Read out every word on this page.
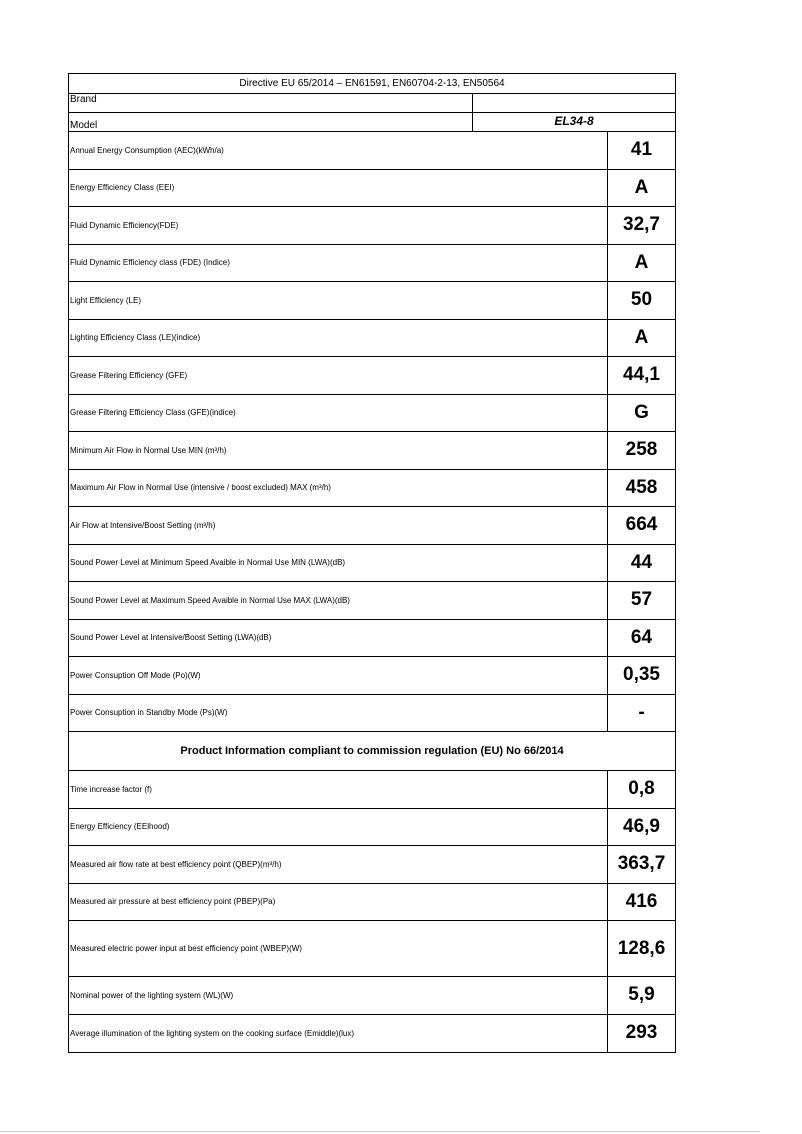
Directive EU 65/2014 – EN61591, EN60704-2-13, EN50564
Brand
Model	EL34-8
Annual Energy Consumption (AEC)(kWh/a)	41
Energy Efficiency Class (EEI)	A
Fluid Dynamic Efficiency(FDE)	32,7
Fluid Dynamic Efficiency class (FDE) (Indice)	A
Light Efficiency (LE)	50
Lighting Efficiency Class (LE)(indice)	A
Grease Filtering Efficiency (GFE)	44,1
Grease Filtering Efficiency Class (GFE)(indice)	G
Minimum Air Flow in Normal Use MIN (m³/h)	258
Maximum Air Flow in Normal Use (intensive / boost excluded) MAX (m³/h)	458
Air Flow at Intensive/Boost Setting (m³/h)	664
Sound Power Level at Minimum Speed Avaible in Normal Use MIN (LWA)(dB)	44
Sound Power Level at Maximum Speed Avaible in Normal Use MAX (LWA)(dB)	57
Sound Power Level at Intensive/Boost Setting (LWA)(dB)	64
Power Consuption Off Mode (Po)(W)	0,35
Power Consuption in Standby Mode (Ps)(W)	-
Product Information compliant to commission regulation (EU) No 66/2014
Time increase factor (f)	0,8
Energy Efficiency (EElhood)	46,9
Measured air flow rate at best efficiency point (QBEP)(m³/h)	363,7
Measured air pressure at best efficiency point (PBEP)(Pa)	416
Measured electric power input at best efficiency point (WBEP)(W)	128,6
Nominal power of the lighting system (WL)(W)	5,9
Average illumination of the lighting system on the cooking surface (Emiddle)(lux)	293
